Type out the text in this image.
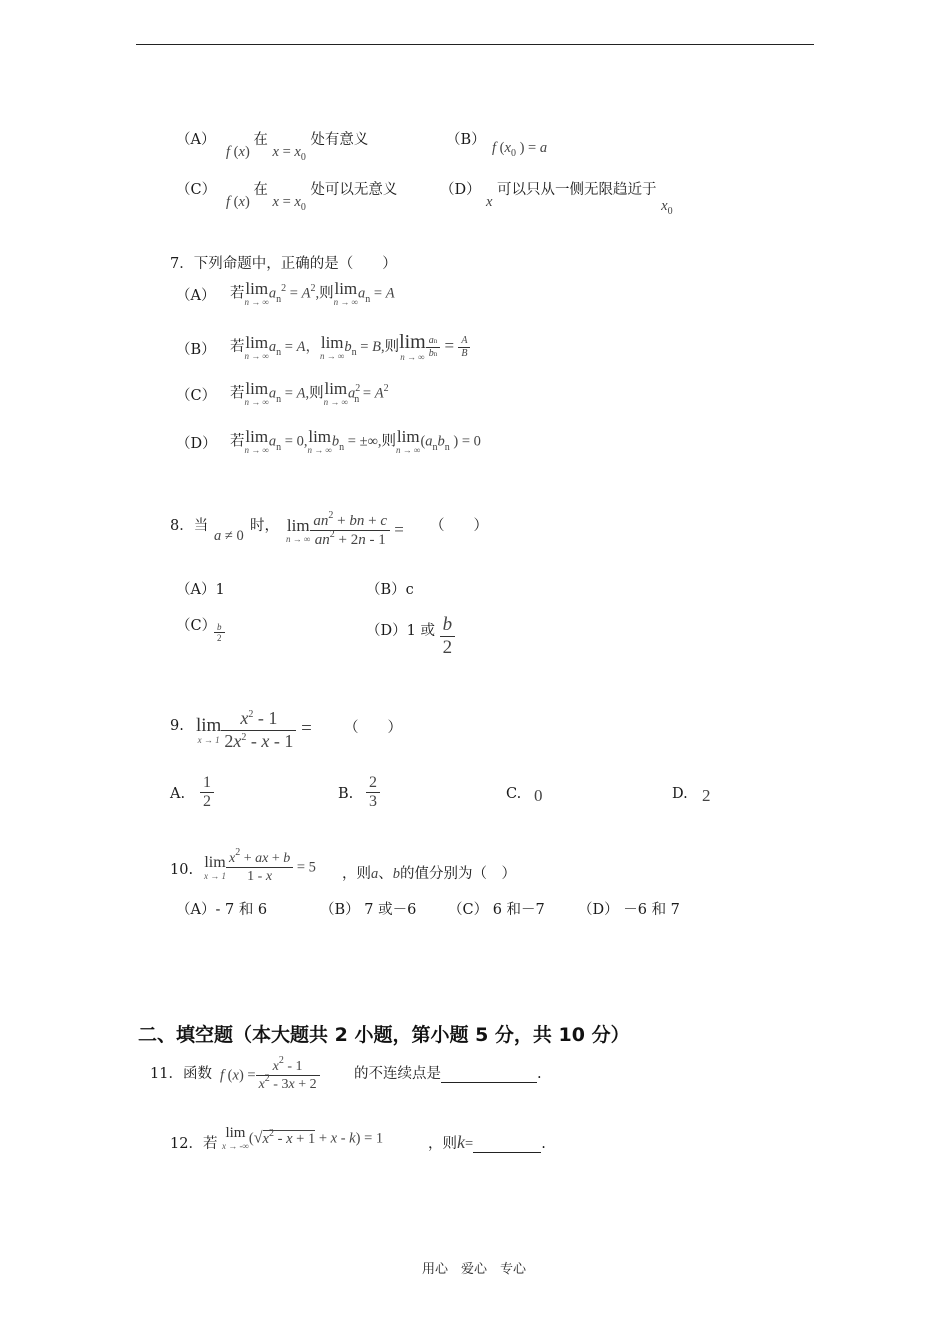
（A）
f (x) 在 $x = x_0$ 处有意义	（B） f ($x_0$ ) = a
（C）
f (x) 在 $x = x_0$ 处可以无意义	（D）
x 可以只从一侧无限趋近于 $x_0$
7．下列命题中，正确的是（　　）
（A） 若 lim
n → ∞
$a_n^2 = A^2$,则 lim
n → ∞
$a_n = A$
（B） 若 lim
n → ∞
$a_n = A$， lim
n → ∞
$b_n = B$,则 lim
n → ∞ $\frac{an}{bn} = \frac{A}{B}$
（C） 若 lim
n → ∞
$a_n = A$,则 lim
n → ∞
$a^2_n = A^2$
（D） 若 lim
n → ∞
$a_n = 0$, lim
n → ∞
$b_n$ = ±∞,则 lim
n → ∞
($a_nb_n$ ) = 0
8．当
a ≠ 0
时， lim
n → ∞ $\frac{an^2 + bn + c}{an^2 + 2n - 1}$ = （　　）
（A）1	（B）c
（C）
$\frac{b}{2}$	（D）1 或 $\frac{b}{2}$
9. lim
$x \to 1 \frac{x^2 - 1}{2x^2 - x - 1}$ = （　　）
A. $\frac{1}{2}$	B. $\frac{2}{3}$	C. 0	D. 2
10. lim
$x \to 1 \frac{x^2 + ax + b}{1 - x} = 5$ ，则a、b的值分别为（　）
（A）- 7 和 6	（B） 7 或－6 （C） 6 和－7 （D） －6 和 7
二、填空题（本大题共 2 小题，第小题 5 分，共 10 分）
11．函数 f $(x) = \frac{x^2 - 1}{x^2 - 3x + 2}$ 的不连续点是	.
12．若
lim
x → -∞ $(√x^2 - x + 1 + x - k) = 1$	，则k=	.
用心　爱心　专心
